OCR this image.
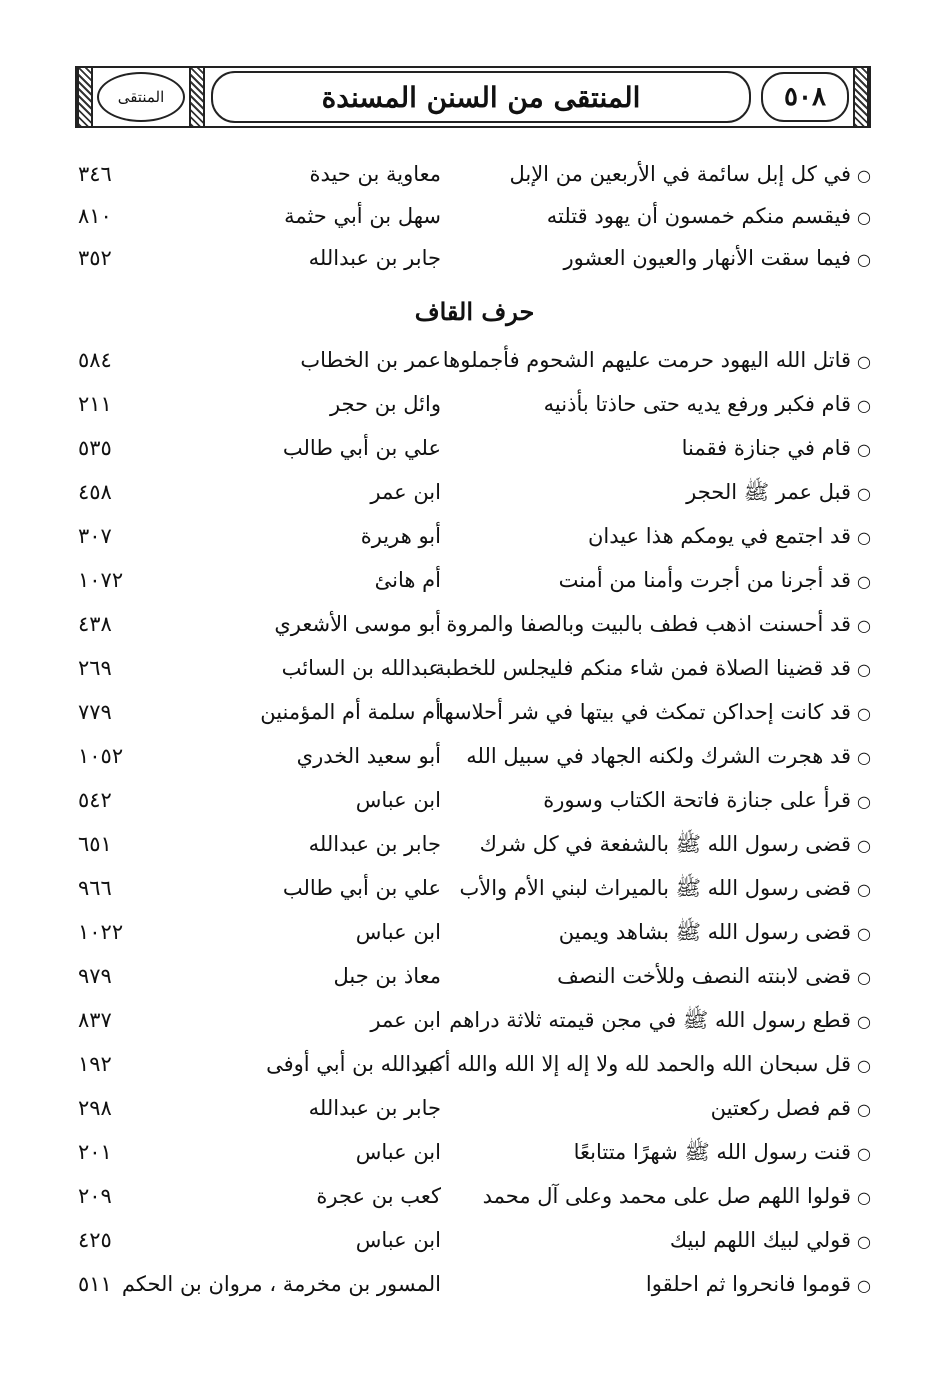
المنتقى	المنتقى من السنن المسندة	٥٠٨
○في كل إبل سائمة في الأربعين من الإبل
معاوية بن حيدة
٣٤٦
○فيقسم منكم خمسون أن يهود قتلته
سهل بن أبي حثمة
٨١٠
○فيما سقت الأنهار والعيون العشور
جابر بن عبدالله
٣٥٢
حرف القاف
○قاتل الله اليهود حرمت عليهم الشحوم فأجملوها
عمر بن الخطاب
٥٨٤
○قام فكبر ورفع يديه حتى حاذتا بأذنيه
وائل بن حجر
٢١١
○قام في جنازة فقمنا
علي بن أبي طالب
٥٣٥
○قبل عمر ﷺ الحجر
ابن عمر
٤٥٨
○قد اجتمع في يومكم هذا عيدان
أبو هريرة
٣٠٧
○قد أجرنا من أجرت وأمنا من أمنت
أم هانئ
١٠٧٢
○قد أحسنت اذهب فطف بالبيت وبالصفا والمروة
أبو موسى الأشعري
٤٣٨
○قد قضينا الصلاة فمن شاء منكم فليجلس للخطبة
عبدالله بن السائب
٢٦٩
○قد كانت إحداكن تمكث في بيتها في شر أحلاسها
أم سلمة أم المؤمنين
٧٧٩
○قد هجرت الشرك ولكنه الجهاد في سبيل الله
أبو سعيد الخدري
١٠٥٢
○قرأ على جنازة فاتحة الكتاب وسورة
ابن عباس
٥٤٢
○قضى رسول الله ﷺ بالشفعة في كل شرك
جابر بن عبدالله
٦٥١
○قضى رسول الله ﷺ بالميراث لبني الأم والأب
علي بن أبي طالب
٩٦٦
○قضى رسول الله ﷺ بشاهد ويمين
ابن عباس
١٠٢٢
○قضى لابنته النصف وللأخت النصف
معاذ بن جبل
٩٧٩
○قطع رسول الله ﷺ في مجن قيمته ثلاثة دراهم
ابن عمر
٨٣٧
○قل سبحان الله والحمد لله ولا إله إلا الله والله أكبر
عبدالله بن أبي أوفى
١٩٢
○قم فصل ركعتين
جابر بن عبدالله
٢٩٨
○قنت رسول الله ﷺ شهرًا متتابعًا
ابن عباس
٢٠١
○قولوا اللهم صل على محمد وعلى آل محمد
كعب بن عجرة
٢٠٩
○قولي لبيك اللهم لبيك
ابن عباس
٤٢٥
○قوموا فانحروا ثم احلقوا
المسور بن مخرمة ، مروان بن الحكم
٥١١
